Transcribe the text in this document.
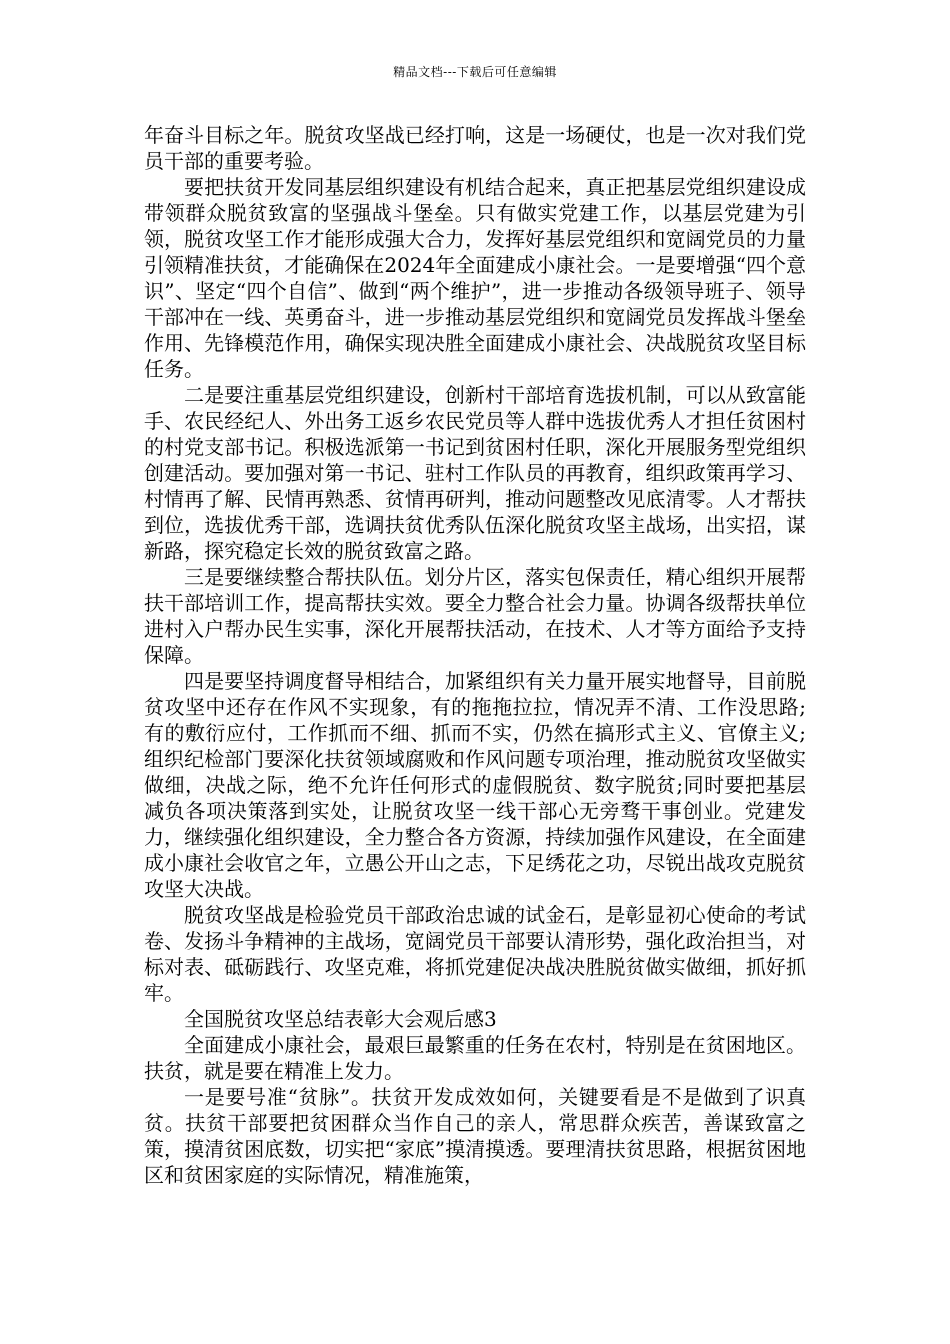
精品文档---下载后可任意编辑

年奋斗目标之年。脱贫攻坚战已经打响，这是一场硬仗，也是一次对我们党员干部的重要考验。

要把扶贫开发同基层组织建设有机结合起来，真正把基层党组织建设成带领群众脱贫致富的坚强战斗堡垒。只有做实党建工作，以基层党建为引领，脱贫攻坚工作才能形成强大合力，发挥好基层党组织和宽阔党员的力量引领精准扶贫，才能确保在2024年全面建成小康社会。一是要增强“四个意识”、坚定“四个自信”、做到“两个维护”，进一步推动各级领导班子、领导干部冲在一线、英勇奋斗，进一步推动基层党组织和宽阔党员发挥战斗堡垒作用、先锋模范作用，确保实现决胜全面建成小康社会、决战脱贫攻坚目标任务。

二是要注重基层党组织建设，创新村干部培育选拔机制，可以从致富能手、农民经纪人、外出务工返乡农民党员等人群中选拔优秀人才担任贫困村的村党支部书记。积极选派第一书记到贫困村任职，深化开展服务型党组织创建活动。要加强对第一书记、驻村工作队员的再教育，组织政策再学习、村情再了解、民情再熟悉、贫情再研判，推动问题整改见底清零。人才帮扶到位，选拔优秀干部，选调扶贫优秀队伍深化脱贫攻坚主战场，出实招，谋新路，探究稳定长效的脱贫致富之路。

三是要继续整合帮扶队伍。划分片区，落实包保责任，精心组织开展帮扶干部培训工作，提高帮扶实效。要全力整合社会力量。协调各级帮扶单位进村入户帮办民生实事，深化开展帮扶活动，在技术、人才等方面给予支持保障。

四是要坚持调度督导相结合，加紧组织有关力量开展实地督导，目前脱贫攻坚中还存在作风不实现象，有的拖拖拉拉，情况弄不清、工作没思路;有的敷衍应付，工作抓而不细、抓而不实，仍然在搞形式主义、官僚主义;组织纪检部门要深化扶贫领域腐败和作风问题专项治理，推动脱贫攻坚做实做细，决战之际，绝不允许任何形式的虚假脱贫、数字脱贫;同时要把基层减负各项决策落到实处，让脱贫攻坚一线干部心无旁骛干事创业。党建发力，继续强化组织建设，全力整合各方资源，持续加强作风建设，在全面建成小康社会收官之年，立愚公开山之志，下足绣花之功，尽锐出战攻克脱贫攻坚大决战。

脱贫攻坚战是检验党员干部政治忠诚的试金石，是彰显初心使命的考试卷、发扬斗争精神的主战场，宽阔党员干部要认清形势，强化政治担当，对标对表、砥砺践行、攻坚克难，将抓党建促决战决胜脱贫做实做细，抓好抓牢。

全国脱贫攻坚总结表彰大会观后感3

全面建成小康社会，最艰巨最繁重的任务在农村，特别是在贫困地区。扶贫，就是要在精准上发力。

一是要号准“贫脉”。扶贫开发成效如何，关键要看是不是做到了识真贫。扶贫干部要把贫困群众当作自己的亲人，常思群众疾苦，善谋致富之策，摸清贫困底数，切实把“家底”摸清摸透。要理清扶贫思路，根据贫困地区和贫困家庭的实际情况，精准施策，
